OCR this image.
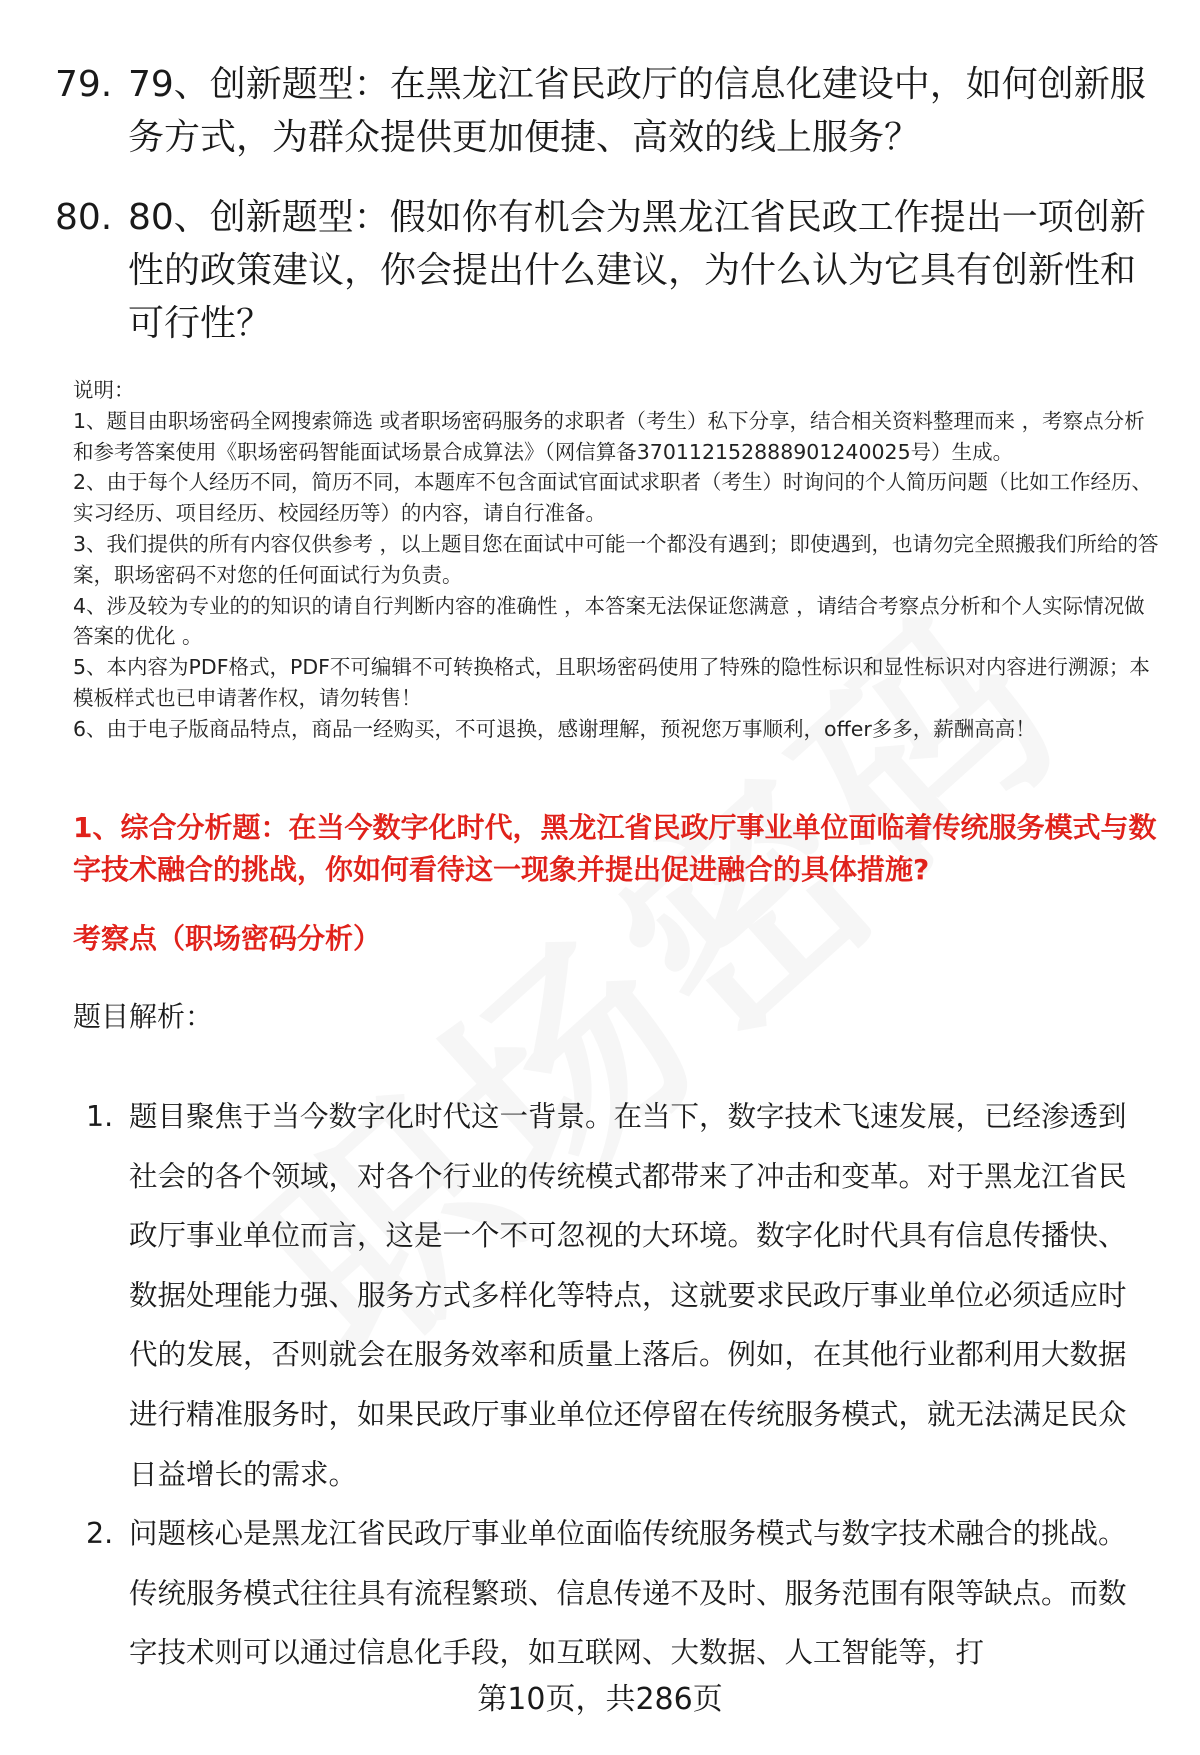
79. 79、创新题型：在黑龙江省民政厅的信息化建设中，如何创新服务方式，为群众提供更加便捷、高效的线上服务？
80. 80、创新题型：假如你有机会为黑龙江省民政工作提出一项创新性的政策建议，你会提出什么建议，为什么认为它具有创新性和可行性？

说明：

1、题目由职场密码全网搜索筛选 或者职场密码服务的求职者（考生）私下分享，结合相关资料整理而来 ，考察点分析和参考答案使用《职场密码智能面试场景合成算法》（网信算备370112152888901240025号）生成。

2、由于每个人经历不同，简历不同，本题库不包含面试官面试求职者（考生）时询问的个人简历问题（比如工作经历、实习经历、项目经历、校园经历等）的内容，请自行准备。

3、我们提供的所有内容仅供参考 ，以上题目您在面试中可能一个都没有遇到；即使遇到，也请勿完全照搬我们所给的答案，职场密码不对您的任何面试行为负责。

4、涉及较为专业的的知识的请自行判断内容的准确性 ，本答案无法保证您满意 ，请结合考察点分析和个人实际情况做答案的优化 。

5、本内容为PDF格式，PDF不可编辑不可转换格式，且职场密码使用了特殊的隐性标识和显性标识对内容进行溯源；本模板样式也已申请著作权，请勿转售！

6、由于电子版商品特点，商品一经购买，不可退换，感谢理解，预祝您万事顺利，offer多多，薪酬高高！

1、综合分析题：在当今数字化时代，黑龙江省民政厅事业单位面临着传统服务模式与数字技术融合的挑战，你如何看待这一现象并提出促进融合的具体措施?
考察点（职场密码分析）
题目解析：
1. 题目聚焦于当今数字化时代这一背景。在当下，数字技术飞速发展，已经渗透到社会的各个领域，对各个行业的传统模式都带来了冲击和变革。对于黑龙江省民政厅事业单位而言，这是一个不可忽视的大环境。数字化时代具有信息传播快、数据处理能力强、服务方式多样化等特点，这就要求民政厅事业单位必须适应时代的发展，否则就会在服务效率和质量上落后。例如，在其他行业都利用大数据进行精准服务时，如果民政厅事业单位还停留在传统服务模式，就无法满足民众日益增长的需求。
2. 问题核心是黑龙江省民政厅事业单位面临传统服务模式与数字技术融合的挑战。传统服务模式往往具有流程繁琐、信息传递不及时、服务范围有限等缺点。而数字技术则可以通过信息化手段，如互联网、大数据、人工智能等，打
第10页，共286页
